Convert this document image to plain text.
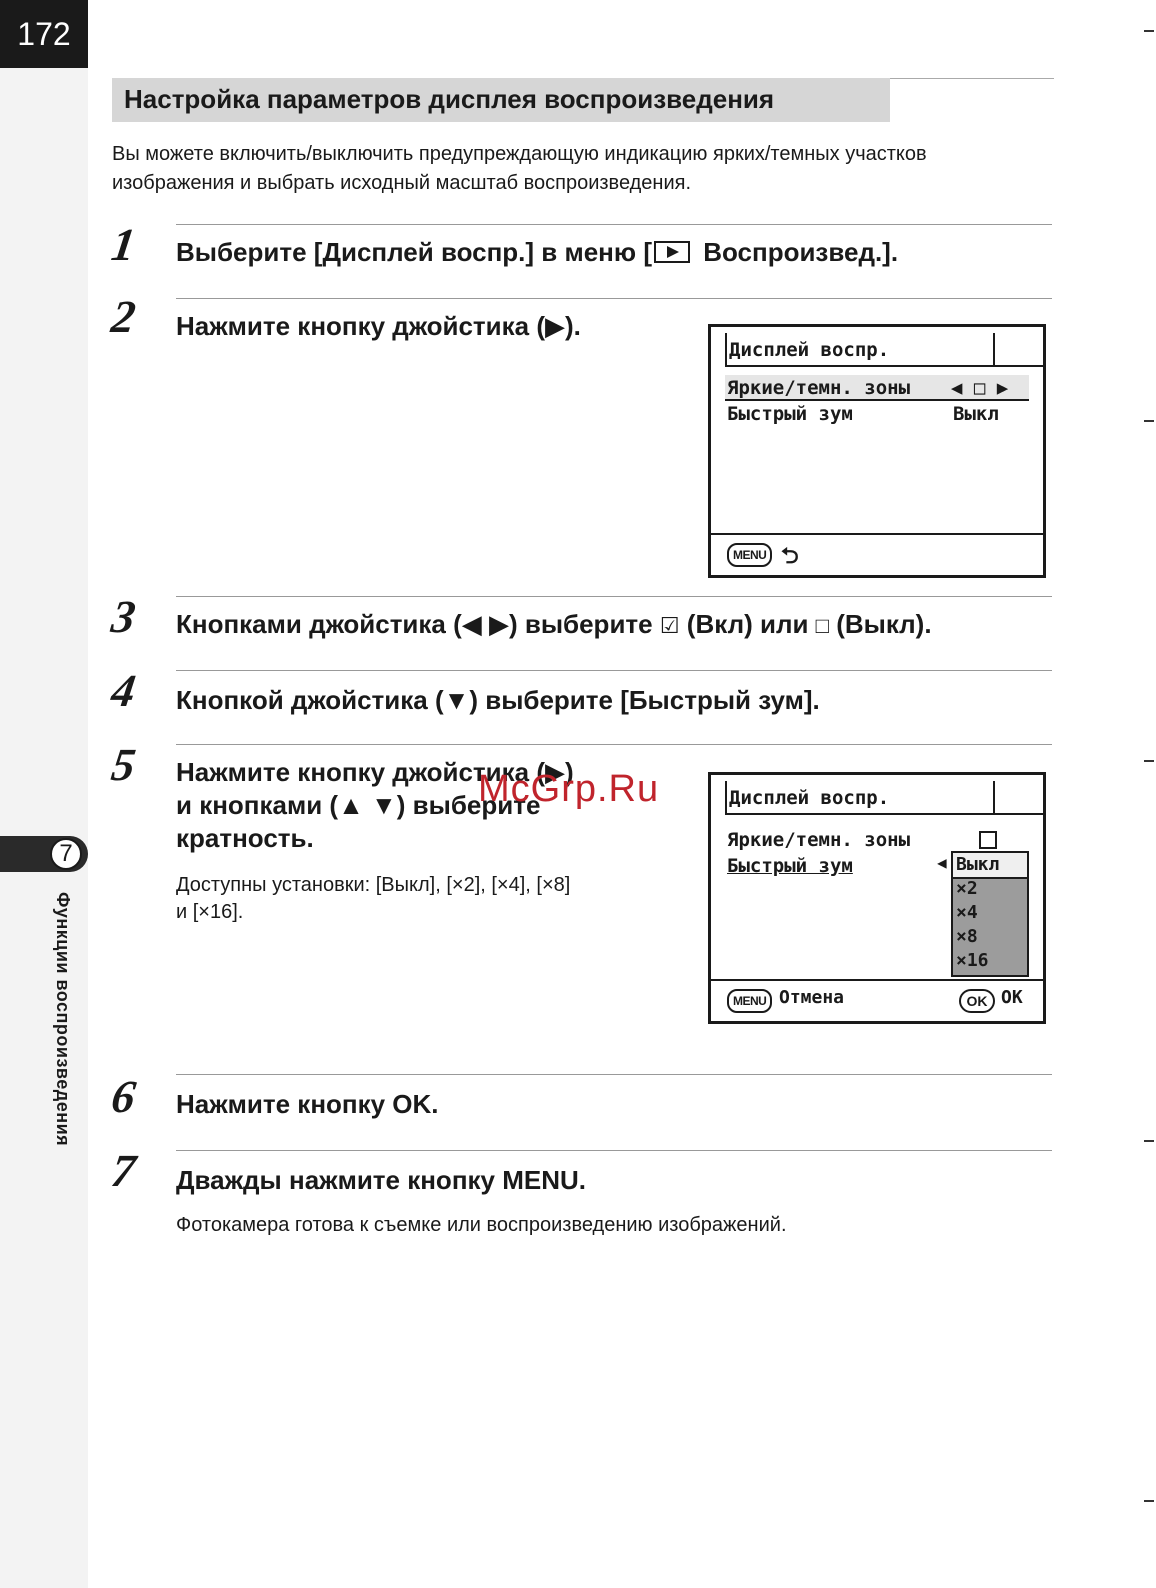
172
7
Функции воспроизведения
Настройка параметров дисплея воспроизведения
Вы можете включить/выключить предупреждающую индикацию ярких/темных участков изображения и выбрать исходный масштаб воспроизведения.
1 Выберите [Дисплей воспр.] в меню [ Воспроизвед.].
2 Нажмите кнопку джойстика (▶).
Дисплей воспр.
Яркие/темн. зоны ◀ □ ▶
Быстрый зум	Выкл
MENU ⮌
3 Кнопками джойстика (◀ ▶) выберите ☑ (Вкл) или □ (Выкл).
4 Кнопкой джойстика (▼) выберите [Быстрый зум].
5 Нажмите кнопку джойстика (▶)
и кнопками (▲ ▼) выберите
кратность.
Доступны установки: [Выкл], [×2], [×4], [×8]
и [×16].
Дисплей воспр.
Яркие/темн. зоны
Быстрый зум	Выкл
×2
×4
×8
×16
◀
MENU Отмена	OK OK
6 Нажмите кнопку OK.
7 Дважды нажмите кнопку MENU.
Фотокамера готова к съемке или воспроизведению изображений.
McGrp.Ru
